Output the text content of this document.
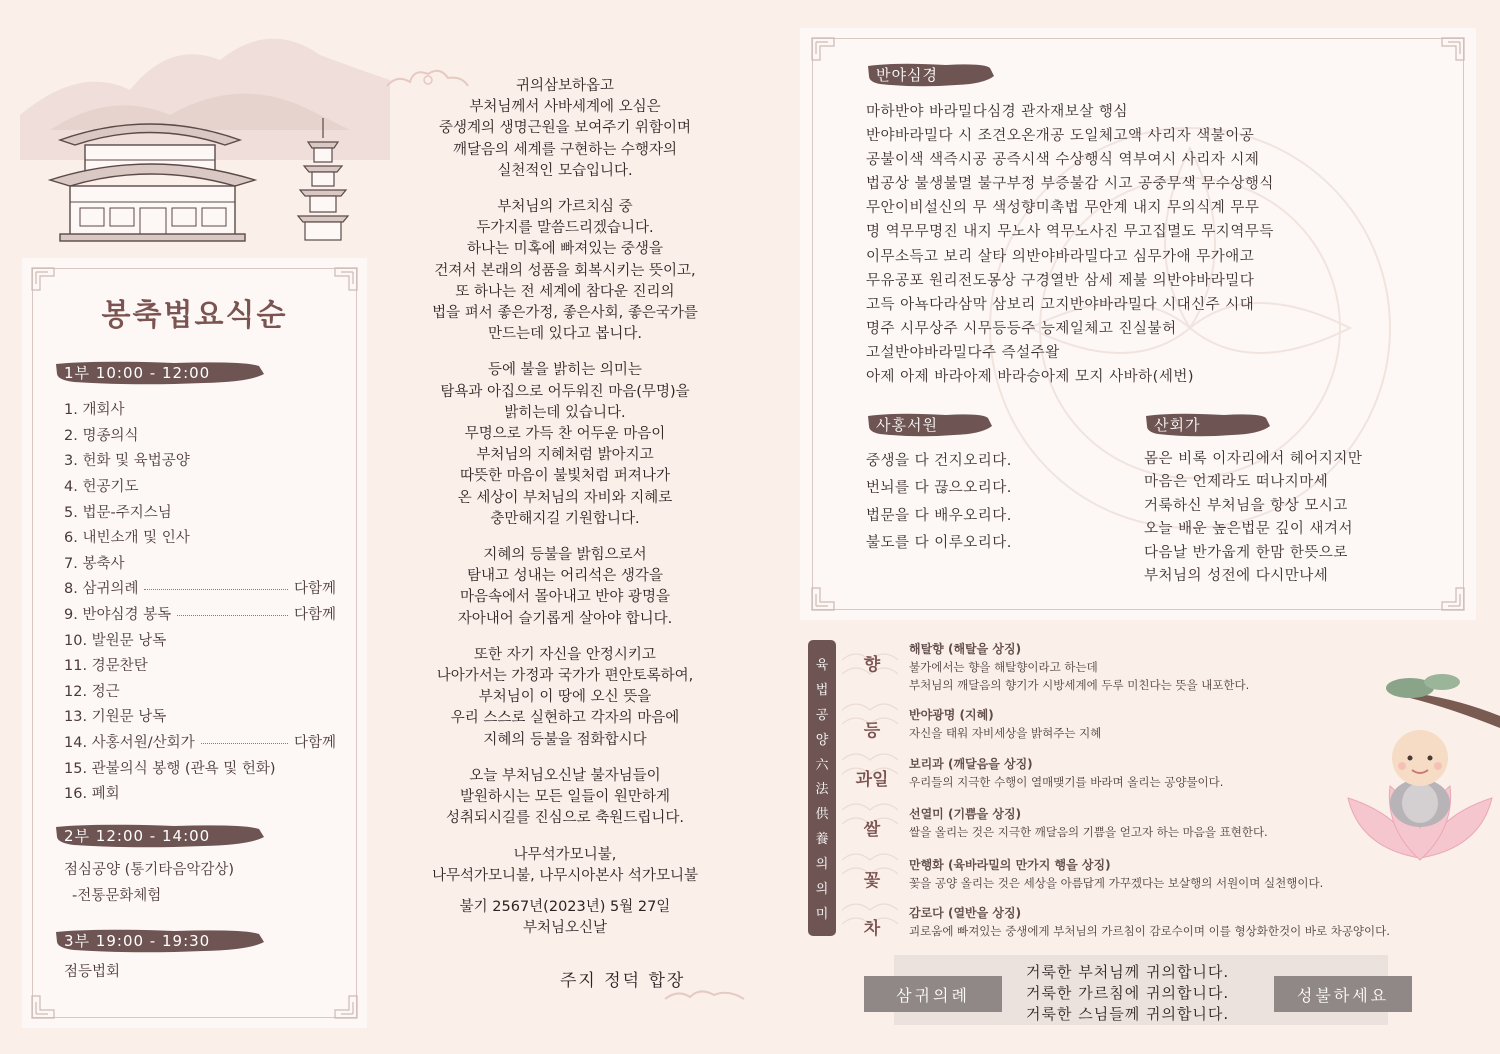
봉축법요식순
1부 10:00 - 12:00
1. 개회사
2. 명종의식
3. 헌화 및 육법공양
4. 헌공기도
5. 법문-주지스님
6. 내빈소개 및 인사
7. 봉축사
8. 삼귀의례	다함께
9. 반야심경 봉독	다함께
10. 발원문 낭독
11. 경문찬탄
12. 정근
13. 기원문 낭독
14. 사홍서원/산회가	다함께
15. 관불의식 봉행 (관욕 및 헌화)
16. 폐회
2부 12:00 - 14:00
점심공양 (통기타음악감상)
-전통문화체험
3부 19:00 - 19:30
점등법회

귀의삼보하옵고
부처님께서 사바세계에 오심은
중생계의 생명근원을 보여주기 위함이며
깨달음의 세계를 구현하는 수행자의
실천적인 모습입니다.

부처님의 가르치심 중
두가지를 말씀드리겠습니다.
하나는 미혹에 빠져있는 중생을
건져서 본래의 성품을 회복시키는 뜻이고,
또 하나는 전 세계에 참다운 진리의
법을 펴서 좋은가정, 좋은사회, 좋은국가를
만드는데 있다고 봅니다.

등에 불을 밝히는 의미는
탐욕과 아집으로 어두워진 마음(무명)을
밝히는데 있습니다.
무명으로 가득 찬 어두운 마음이
부처님의 지혜처럼 밝아지고
따뜻한 마음이 불빛처럼 퍼져나가
온 세상이 부처님의 자비와 지혜로
충만해지길 기원합니다.

지혜의 등불을 밝힘으로서
탐내고 성내는 어리석은 생각을
마음속에서 몰아내고 반야 광명을
자아내어 슬기롭게 살아야 합니다.

또한 자기 자신을 안정시키고
나아가서는 가정과 국가가 편안토록하여,
부처님이 이 땅에 오신 뜻을
우리 스스로 실현하고 각자의 마음에
지혜의 등불을 점화합시다

오늘 부처님오신날 불자님들이
발원하시는 모든 일들이 원만하게
성취되시길를 진심으로 축원드립니다.

나무석가모니불,
나무석가모니불, 나무시아본사 석가모니불

불기 2567년(2023년) 5월 27일
부처님오신날

주지 정덕 합장
반야심경
마하반야 바라밀다심경 관자재보살 행심
반야바라밀다 시 조견오온개공 도일체고액 사리자 색불이공
공불이색 색즉시공 공즉시색 수상행식 역부여시 사리자 시제
법공상 불생불멸 불구부정 부증불감 시고 공중무색 무수상행식
무안이비설신의 무 색성향미촉법 무안계 내지 무의식계 무무
명 역무무명진 내지 무노사 역무노사진 무고집멸도 무지역무득
이무소득고 보리 살타 의반야바라밀다고 심무가애 무가애고
무유공포 원리전도몽상 구경열반 삼세 제불 의반야바라밀다
고득 아뇩다라삼막 삼보리 고지반야바라밀다 시대신주 시대
명주 시무상주 시무등등주 능제일체고 진실불허
고설반야바라밀다주 즉설주왈
아제 아제 바라아제 바라승아제 모지 사바하(세번)
사홍서원
중생을 다 건지오리다.
번뇌를 다 끊으오리다.
법문을 다 배우오리다.
불도를 다 이루오리다.
산회가
몸은 비록 이자리에서 헤어지지만
마음은 언제라도 떠나지마세
거룩하신 부처님을 항상 모시고
오늘 배운 높은법문 깊이 새겨서
다음날 반가웁게 한맘 한뜻으로
부처님의 성전에 다시만나세
육
법
공
양
六
法
供
養
의
의
미
향
해탈향 (해탈을 상징)
불가에서는 향을 해탈향이라고 하는데
부처님의 깨달음의 향기가 시방세계에 두루 미친다는 뜻을 내포한다.
등
반야광명 (지혜)
자신을 태워 자비세상을 밝혀주는 지혜
과일
보리과 (깨달음을 상징)
우리들의 지극한 수행이 열매맺기를 바라며 올리는 공양물이다.
쌀
선열미 (기쁨을 상징)
쌀을 올리는 것은 지극한 깨달음의 기쁨을 얻고자 하는 마음을 표현한다.
꽃
만행화 (육바라밀의 만가지 행을 상징)
꽃을 공양 올리는 것은 세상을 아름답게 가꾸겠다는 보살행의 서원이며 실천행이다.
차
감로다 (열반을 상징)
괴로움에 빠져있는 중생에게 부처님의 가르침이 감로수이며 이를 형상화한것이 바로 차공양이다.
삼귀의례	성불하세요
거룩한 부처님께 귀의합니다.
거룩한 가르침에 귀의합니다.
거룩한 스님들께 귀의합니다.
